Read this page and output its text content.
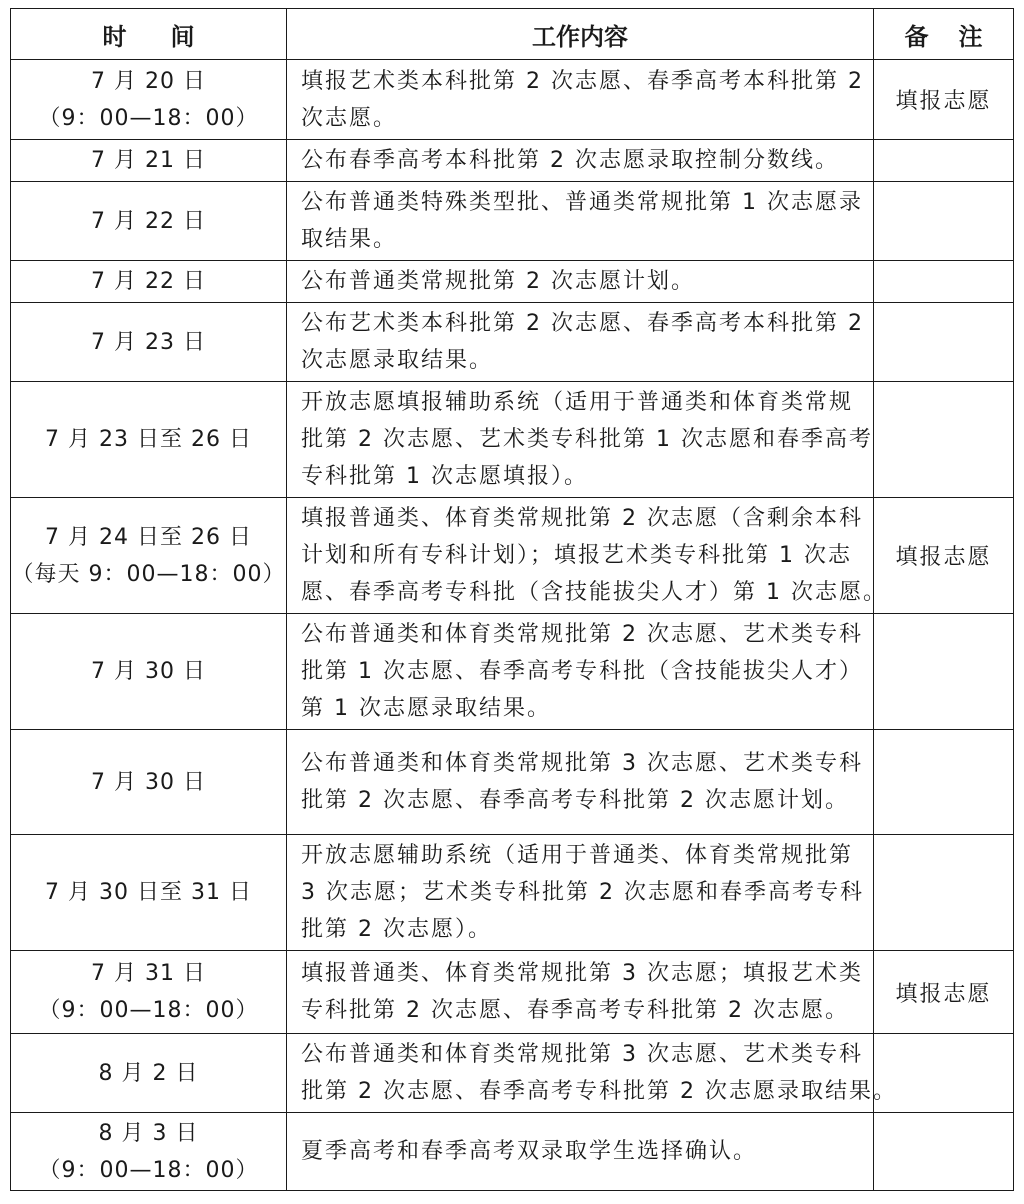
时 间	工作内容	备 注

7 月 20 日
（9：00—18：00）	填报艺术类本科批第 2 次志愿、春季高考本科批第 2
次志愿。	填报志愿

7 月 21 日	公布春季高考本科批第 2 次志愿录取控制分数线。	

7 月 22 日	公布普通类特殊类型批、普通类常规批第 1 次志愿录
取结果。	

7 月 22 日	公布普通类常规批第 2 次志愿计划。	

7 月 23 日	公布艺术类本科批第 2 次志愿、春季高考本科批第 2
次志愿录取结果。	

7 月 23 日至 26 日	开放志愿填报辅助系统（适用于普通类和体育类常规
批第 2 次志愿、艺术类专科批第 1 次志愿和春季高考
专科批第 1 次志愿填报）。	

7 月 24 日至 26 日
（每天 9：00—18：00）	填报普通类、体育类常规批第 2 次志愿（含剩余本科
计划和所有专科计划）；填报艺术类专科批第 1 次志
愿、春季高考专科批（含技能拔尖人才）第 1 次志愿。	填报志愿

7 月 30 日	公布普通类和体育类常规批第 2 次志愿、艺术类专科
批第 1 次志愿、春季高考专科批（含技能拔尖人才）
第 1 次志愿录取结果。	

7 月 30 日	公布普通类和体育类常规批第 3 次志愿、艺术类专科
批第 2 次志愿、春季高考专科批第 2 次志愿计划。	

7 月 30 日至 31 日	开放志愿辅助系统（适用于普通类、体育类常规批第
3 次志愿；艺术类专科批第 2 次志愿和春季高考专科
批第 2 次志愿）。	

7 月 31 日
（9：00—18：00）	填报普通类、体育类常规批第 3 次志愿；填报艺术类
专科批第 2 次志愿、春季高考专科批第 2 次志愿。	填报志愿

8 月 2 日	公布普通类和体育类常规批第 3 次志愿、艺术类专科
批第 2 次志愿、春季高考专科批第 2 次志愿录取结果。	

8 月 3 日
（9：00—18：00）	夏季高考和春季高考双录取学生选择确认。	
